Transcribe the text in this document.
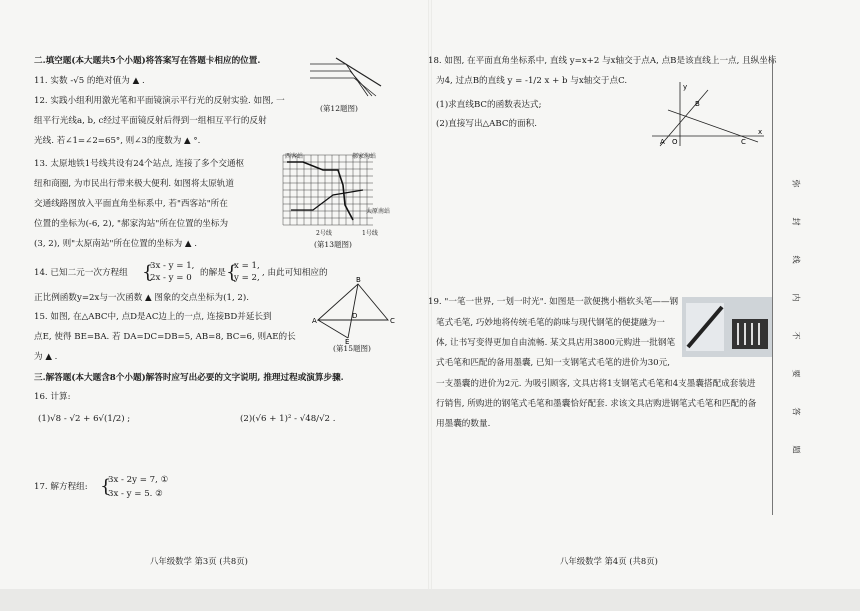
二.填空题(本大题共5个小题)将答案写在答题卡相应的位置.
11. 实数 -√5 的绝对值为 ▲ .
12. 实践小组利用激光笔和平面镜演示平行光的反射实验. 如图, 一
组平行光线a, b, c经过平面镜反射后得到一组相互平行的反射
光线. 若∠1=∠2=65°, 则∠3的度数为 ▲ °.
(第12题图)
13. 太原地铁1号线共设有24个站点, 连接了多个交通枢
纽和商圈, 为市民出行带来极大便利. 如图将太原轨道
交通线路图放入平面直角坐标系中, 若"西客站"所在
位置的坐标为(-6, 2), "郝家沟站"所在位置的坐标为
(3, 2), 则"太原南站"所在位置的坐标为 ▲ .
西客站	郝家沟站
太原南站
2号线	1号线
(第13题图)
14. 已知二元一次方程组 {
3x - y = 1,
2x - y = 0 的解是 {
x = 1,
y = 2, , 由此可知相应的
正比例函数y=2x与一次函数 ▲ 图象的交点坐标为(1, 2).
15. 如图, 在△ABC中, 点D是AC边上的一点, 连接BD并延长到
点E, 使得 BE=BA. 若 DA=DC=DB=5, AB=8, BC=6, 则AE的长
为 ▲ .
A
B
C
D
E
(第15题图)
三.解答题(本大题含8个小题)解答时应写出必要的文字说明, 推理过程或演算步骤.
16. 计算:
(1)√8 - √2 + 6√(1/2) ;	(2)(√6 + 1)² - √48/√2 .
17. 解方程组: {
3x - 2y = 7, ①
3x - y = 5. ②
八年级数学 第3页 (共8页)
18. 如图, 在平面直角坐标系中, 直线 y=x+2 与x轴交于点A, 点B是该直线上一点, 且纵坐标
为4, 过点B的直线 y = -1/2 x + b 与x轴交于点C.
(1)求直线BC的函数表达式;
(2)直接写出△ABC的面积.
y
x
A O
B
C
19. "一笔一世界, 一划一时光". 如图是一款便携小楷软头笔——钢
笔式毛笔, 巧妙地将传统毛笔的韵味与现代钢笔的便捷融为一
体, 让书写变得更加自由流畅. 某文具店用3800元购进一批钢笔
式毛笔和匹配的备用墨囊, 已知一支钢笔式毛笔的进价为30元,
一支墨囊的进价为2元. 为吸引顾客, 文具店将1支钢笔式毛笔和4支墨囊搭配成套装进
行销售, 所购进的钢笔式毛笔和墨囊恰好配套. 求该文具店购进钢笔式毛笔和匹配的备
用墨囊的数量.
八年级数学 第4页 (共8页)
弥
封
线
内
不
要
答
题
